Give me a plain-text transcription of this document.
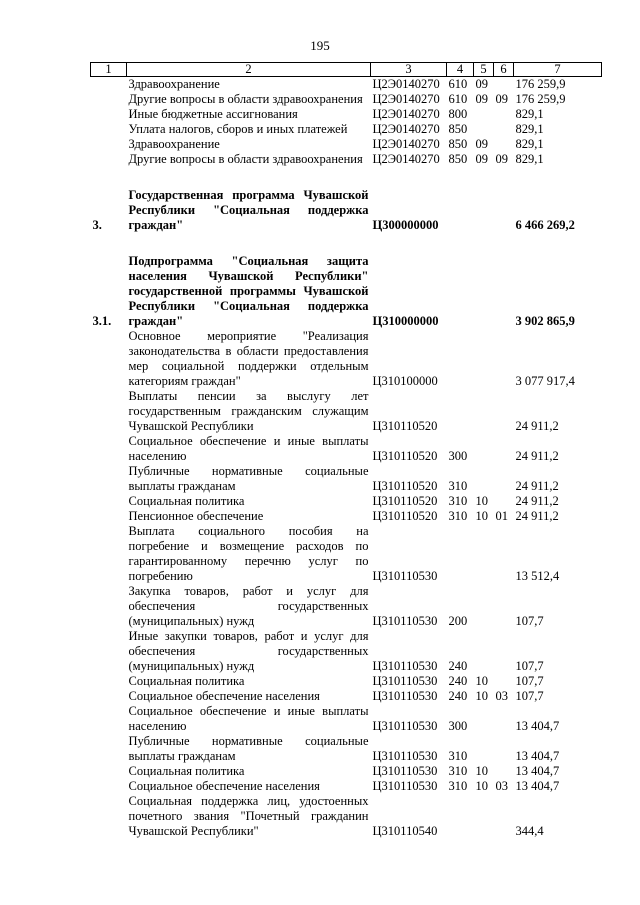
195
1	2	3	4	5	6	7
	Здравоохранение	Ц2Э0140270	610	09		176 259,9
	Другие вопросы в области здравоохранения	Ц2Э0140270	610	09	09	176 259,9
	Иные бюджетные ассигнования	Ц2Э0140270	800			829,1
	Уплата налогов, сборов и иных платежей	Ц2Э0140270	850			829,1
	Здравоохранение	Ц2Э0140270	850	09		829,1
	Другие вопросы в области здравоохранения	Ц2Э0140270	850	09	09	829,1

3.	Государственная программа Чувашской Республики "Социальная поддержка граждан"	Ц300000000				6 466 269,2

3.1.	Подпрограмма "Социальная защита населения Чувашской Республики" государственной программы Чувашской Республики "Социальная поддержка граждан"	Ц310000000				3 902 865,9
	Основное мероприятие "Реализация законодательства в области предоставления мер социальной поддержки отдельным категориям граждан"	Ц310100000				3 077 917,4
	Выплаты пенсии за выслугу лет государственным гражданским служащим Чувашской Республики	Ц310110520				24 911,2
	Социальное обеспечение и иные выплаты населению	Ц310110520	300			24 911,2
	Публичные нормативные социальные выплаты гражданам	Ц310110520	310			24 911,2
	Социальная политика	Ц310110520	310	10		24 911,2
	Пенсионное обеспечение	Ц310110520	310	10	01	24 911,2
	Выплата социального пособия на погребение и возмещение расходов по гарантированному перечню услуг по погребению	Ц310110530				13 512,4
	Закупка товаров, работ и услуг для обеспечения государственных (муниципальных) нужд	Ц310110530	200			107,7
	Иные закупки товаров, работ и услуг для обеспечения государственных (муниципальных) нужд	Ц310110530	240			107,7
	Социальная политика	Ц310110530	240	10		107,7
	Социальное обеспечение населения	Ц310110530	240	10	03	107,7
	Социальное обеспечение и иные выплаты населению	Ц310110530	300			13 404,7
	Публичные нормативные социальные выплаты гражданам	Ц310110530	310			13 404,7
	Социальная политика	Ц310110530	310	10		13 404,7
	Социальное обеспечение населения	Ц310110530	310	10	03	13 404,7
	Социальная поддержка лиц, удостоенных почетного звания "Почетный гражданин Чувашской Республики"	Ц310110540				344,4
